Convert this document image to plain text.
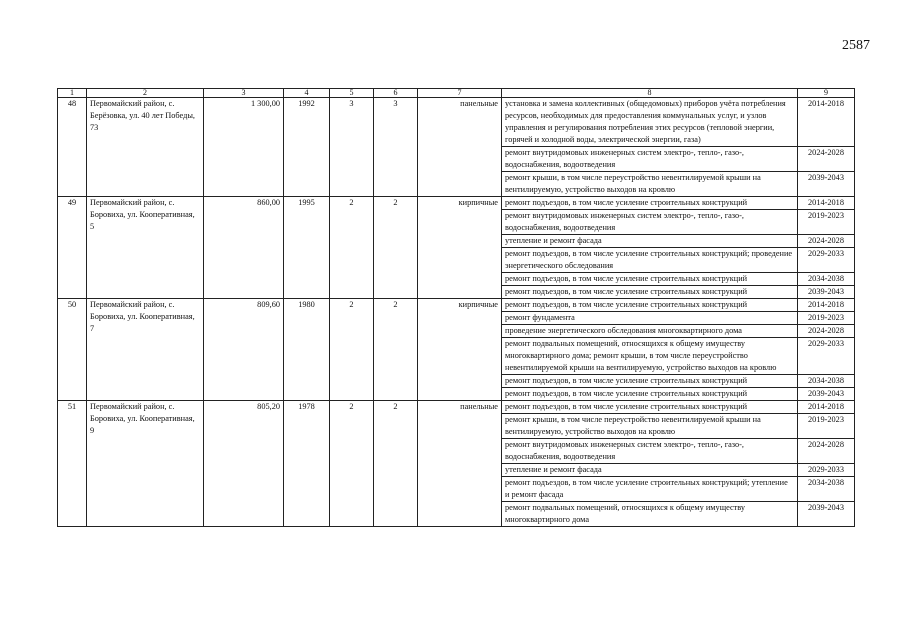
2587
1	2	3	4	5	6	7	8	9
48	Первомайский район, с. Берёзовка, ул. 40 лет Победы, 73	1 300,00	1992	3	3	панельные	установка и замена коллективных (общедомовых) приборов учёта потребления ресурсов, необходимых для предоставления коммунальных услуг, и узлов управления и регулирования потребления этих ресурсов (тепловой энергии, горячей и холодной воды, электрической энергии, газа)	2014-2018
							ремонт внутридомовых инженерных систем электро-, тепло-, газо-, водоснабжения, водоотведения	2024-2028
							ремонт крыши, в том числе переустройство невентилируемой крыши на вентилируемую, устройство выходов на кровлю	2039-2043
49	Первомайский район, с. Боровиха, ул. Кооперативная, 5	860,00	1995	2	2	кирпичные	ремонт подъездов, в том числе усиление строительных конструкций	2014-2018
							ремонт внутридомовых инженерных систем электро-, тепло-, газо-, водоснабжения, водоотведения	2019-2023
							утепление и ремонт фасада	2024-2028
							ремонт подъездов, в том числе усиление строительных конструкций; проведение энергетического обследования	2029-2033
							ремонт подъездов, в том числе усиление строительных конструкций	2034-2038
							ремонт подъездов, в том числе усиление строительных конструкций	2039-2043
50	Первомайский район, с. Боровиха, ул. Кооперативная, 7	809,60	1980	2	2	кирпичные	ремонт подъездов, в том числе усиление строительных конструкций	2014-2018
							ремонт фундамента	2019-2023
							проведение энергетического обследования многоквартирного дома	2024-2028
							ремонт подвальных помещений, относящихся к общему имуществу многоквартирного дома; ремонт крыши, в том числе переустройство невентилируемой крыши на вентилируемую, устройство выходов на кровлю	2029-2033
							ремонт подъездов, в том числе усиление строительных конструкций	2034-2038
							ремонт подъездов, в том числе усиление строительных конструкций	2039-2043
51	Первомайский район, с. Боровиха, ул. Кооперативная, 9	805,20	1978	2	2	панельные	ремонт подъездов, в том числе усиление строительных конструкций	2014-2018
							ремонт крыши, в том числе переустройство невентилируемой крыши на вентилируемую, устройство выходов на кровлю	2019-2023
							ремонт внутридомовых инженерных систем электро-, тепло-, газо-, водоснабжения, водоотведения	2024-2028
							утепление и ремонт фасада	2029-2033
							ремонт подъездов, в том числе усиление строительных конструкций; утепление и ремонт фасада	2034-2038
							ремонт подвальных помещений, относящихся к общему имуществу многоквартирного дома	2039-2043
